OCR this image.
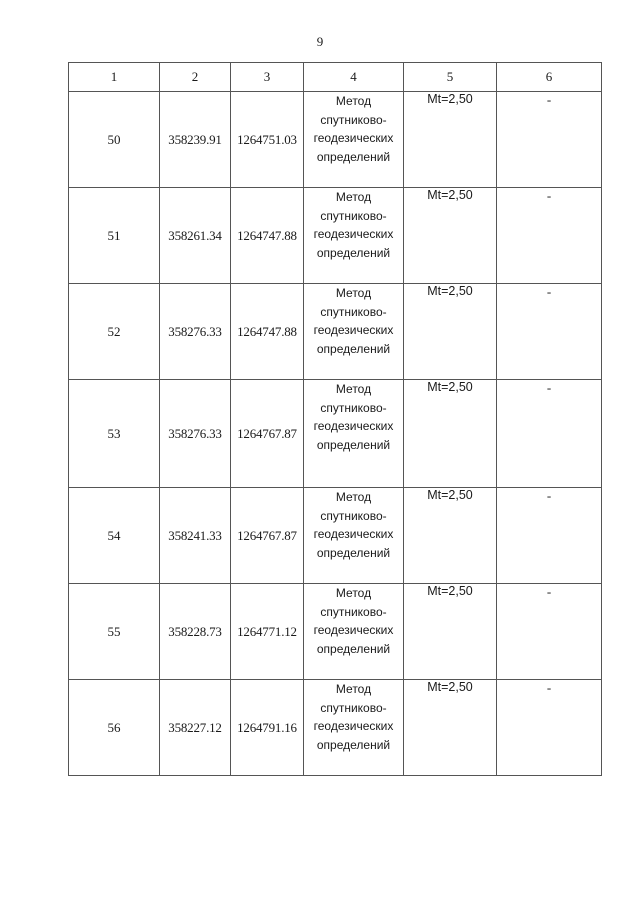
9
1	2	3	4	5	6
50	358239.91	1264751.03	Метод
спутниково-
геодезических
определений	Mt=2,50	-
51	358261.34	1264747.88	Метод
спутниково-
геодезических
определений	Mt=2,50	-
52	358276.33	1264747.88	Метод
спутниково-
геодезических
определений	Mt=2,50	-
53	358276.33	1264767.87	Метод
спутниково-
геодезических
определений	Mt=2,50	-
54	358241.33	1264767.87	Метод
спутниково-
геодезических
определений	Mt=2,50	-
55	358228.73	1264771.12	Метод
спутниково-
геодезических
определений	Mt=2,50	-
56	358227.12	1264791.16	Метод
спутниково-
геодезических
определений	Mt=2,50	-
